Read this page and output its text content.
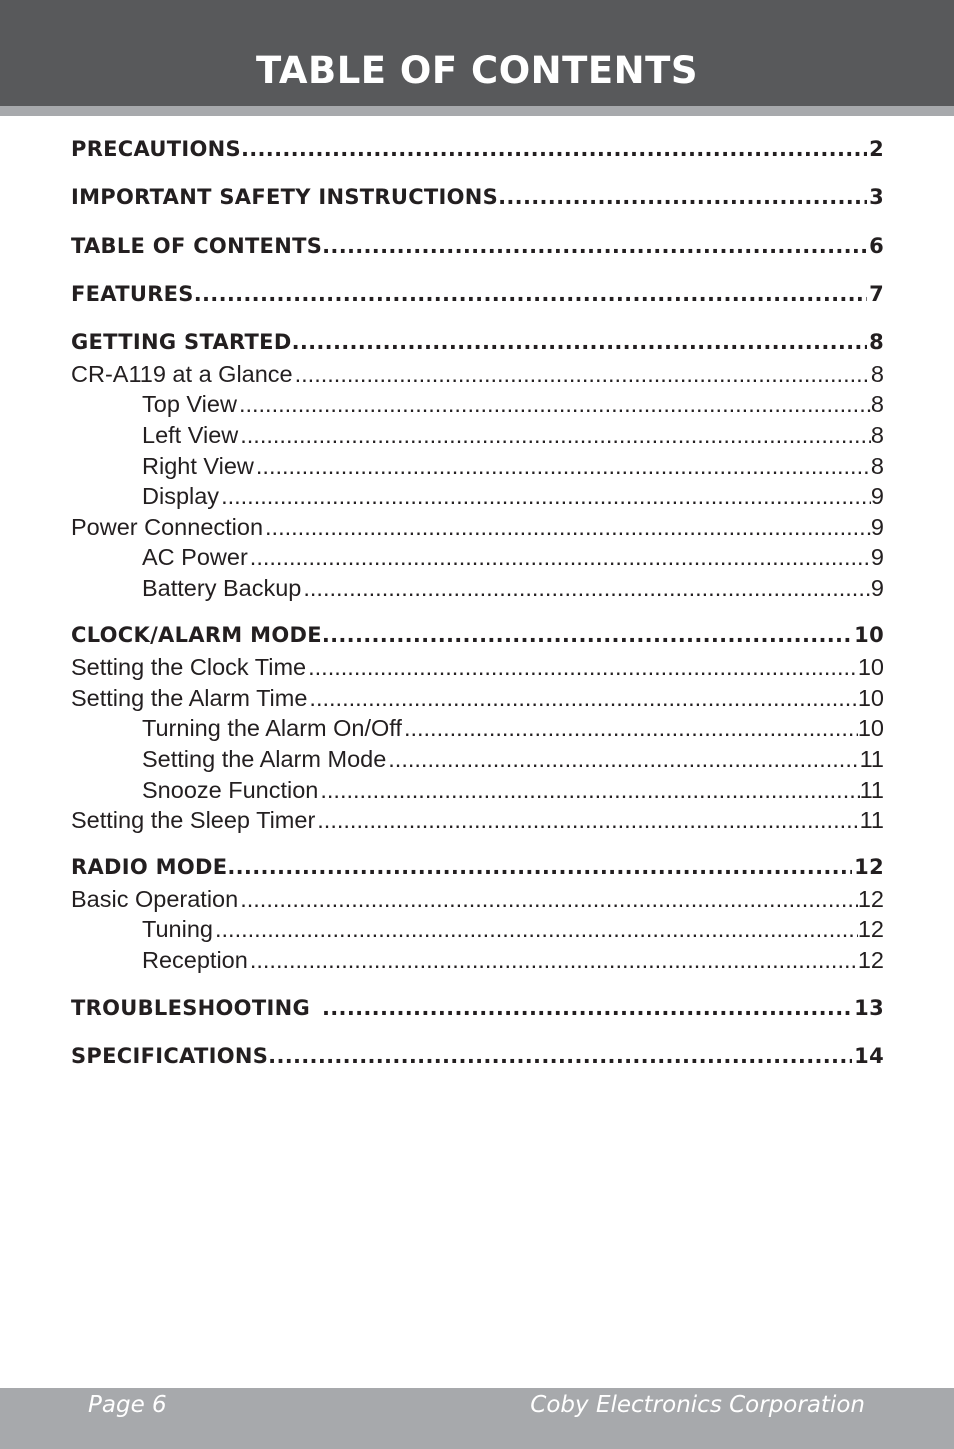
TABLE OF CONTENTS
PRECAUTIONS .....	2
IMPORTANT SAFETY INSTRUCTIONS .....	3
TABLE OF CONTENTS .....	6
FEATURES .....	7
GETTING STARTED .....	8
CR-A119 at a Glance .....	8
Top View .....	8
Left View .....	8
Right View .....	8
Display .....	9
Power Connection .....	9
AC Power .....	9
Battery Backup .....	9
CLOCK/ALARM MODE .....	10
Setting the Clock Time .....	10
Setting the Alarm Time .....	10
Turning the Alarm On/Off .....	10
Setting the Alarm Mode .....	11
Snooze Function .....	11
Setting the Sleep Timer .....	11
RADIO MODE .....	12
Basic Operation .....	12
Tuning .....	12
Reception .....	12
TROUBLESHOOTING .....	13
SPECIFICATIONS .....	14
Page 6	Coby Electronics Corporation
